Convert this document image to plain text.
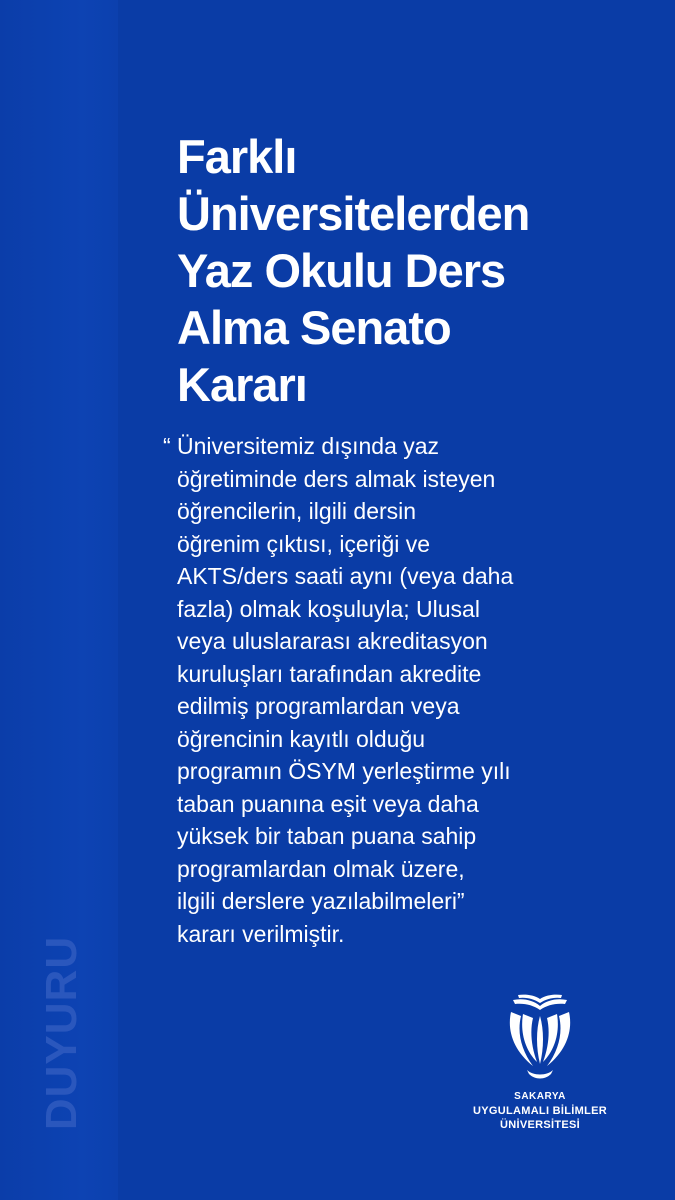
DUYURU
Farklı
Üniversitelerden
Yaz Okulu Ders
Alma Senato
Kararı
“ Üniversitemiz dışında yaz
öğretiminde ders almak isteyen
öğrencilerin, ilgili dersin
öğrenim çıktısı, içeriği ve
AKTS/ders saati aynı (veya daha
fazla) olmak koşuluyla; Ulusal
veya uluslararası akreditasyon
kuruluşları tarafından akredite
edilmiş programlardan veya
öğrencinin kayıtlı olduğu
programın ÖSYM yerleştirme yılı
taban puanına eşit veya daha
yüksek bir taban puana sahip
programlardan olmak üzere,
ilgili derslere yazılabilmeleri”
kararı verilmiştir.
SAKARYA
UYGULAMALI BİLİMLER
ÜNİVERSİTESİ
